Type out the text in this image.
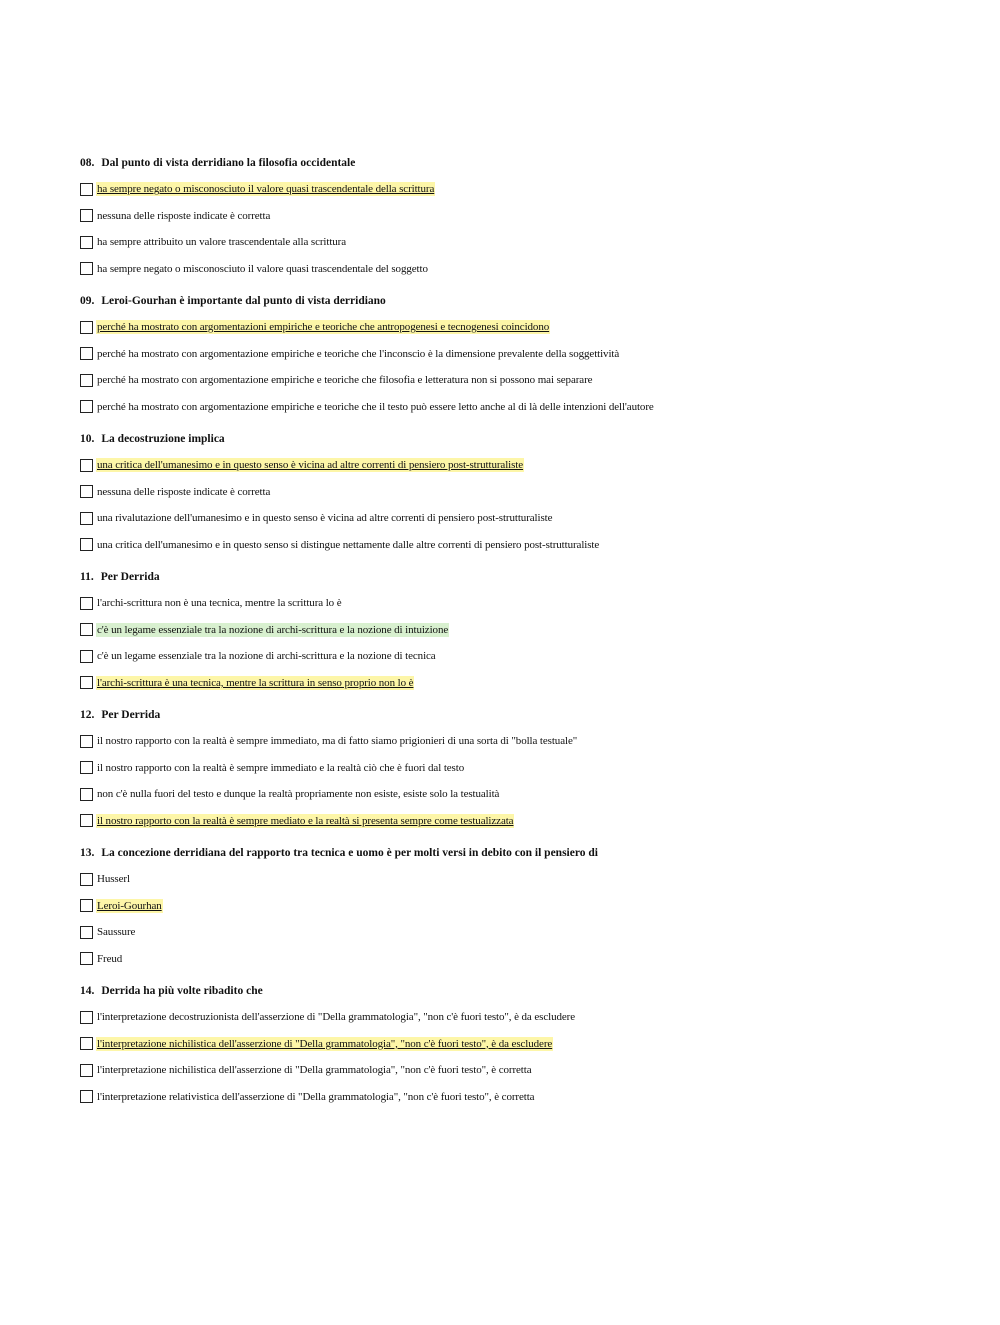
08. Dal punto di vista derridiano la filosofia occidentale
ha sempre negato o misconosciuto il valore quasi trascendentale della scrittura
nessuna delle risposte indicate è corretta
ha sempre attribuito un valore trascendentale alla scrittura
ha sempre negato o misconosciuto il valore quasi trascendentale del soggetto
09. Leroi-Gourhan è importante dal punto di vista derridiano
perché ha mostrato con argomentazioni empiriche e teoriche che antropogenesi e tecnogenesi coincidono
perché ha mostrato con argomentazione empiriche e teoriche che l'inconscio è la dimensione prevalente della soggettività
perché ha mostrato con argomentazione empiriche e teoriche che filosofia e letteratura non si possono mai separare
perché ha mostrato con argomentazione empiriche e teoriche che il testo può essere letto anche al di là delle intenzioni dell'autore
10. La decostruzione implica
una critica dell'umanesimo e in questo senso è vicina ad altre correnti di pensiero post-strutturaliste
nessuna delle risposte indicate è corretta
una rivalutazione dell'umanesimo e in questo senso è vicina ad altre correnti di pensiero post-strutturaliste
una critica dell'umanesimo e in questo senso si distingue nettamente dalle altre correnti di pensiero post-strutturaliste
11. Per Derrida
l'archi-scrittura non è una tecnica, mentre la scrittura lo è
c'è un legame essenziale tra la nozione di archi-scrittura e la nozione di intuizione
c'è un legame essenziale tra la nozione di archi-scrittura e la nozione di tecnica
l'archi-scrittura è una tecnica, mentre la scrittura in senso proprio non lo è
12. Per Derrida
il nostro rapporto con la realtà è sempre immediato, ma di fatto siamo prigionieri di una sorta di "bolla testuale"
il nostro rapporto con la realtà è sempre immediato e la realtà ciò che è fuori dal testo
non c'è nulla fuori del testo e dunque la realtà propriamente non esiste, esiste solo la testualità
il nostro rapporto con la realtà è sempre mediato e la realtà si presenta sempre come testualizzata
13. La concezione derridiana del rapporto tra tecnica e uomo è per molti versi in debito con il pensiero di
Husserl
Leroi-Gourhan
Saussure
Freud
14. Derrida ha più volte ribadito che
l'interpretazione decostruzionista dell'asserzione di "Della grammatologia", "non c'è fuori testo", è da escludere
l'interpretazione nichilistica dell'asserzione di "Della grammatologia", "non c'è fuori testo", è da escludere
l'interpretazione nichilistica dell'asserzione di "Della grammatologia", "non c'è fuori testo", è corretta
l'interpretazione relativistica dell'asserzione di "Della grammatologia", "non c'è fuori testo", è corretta
